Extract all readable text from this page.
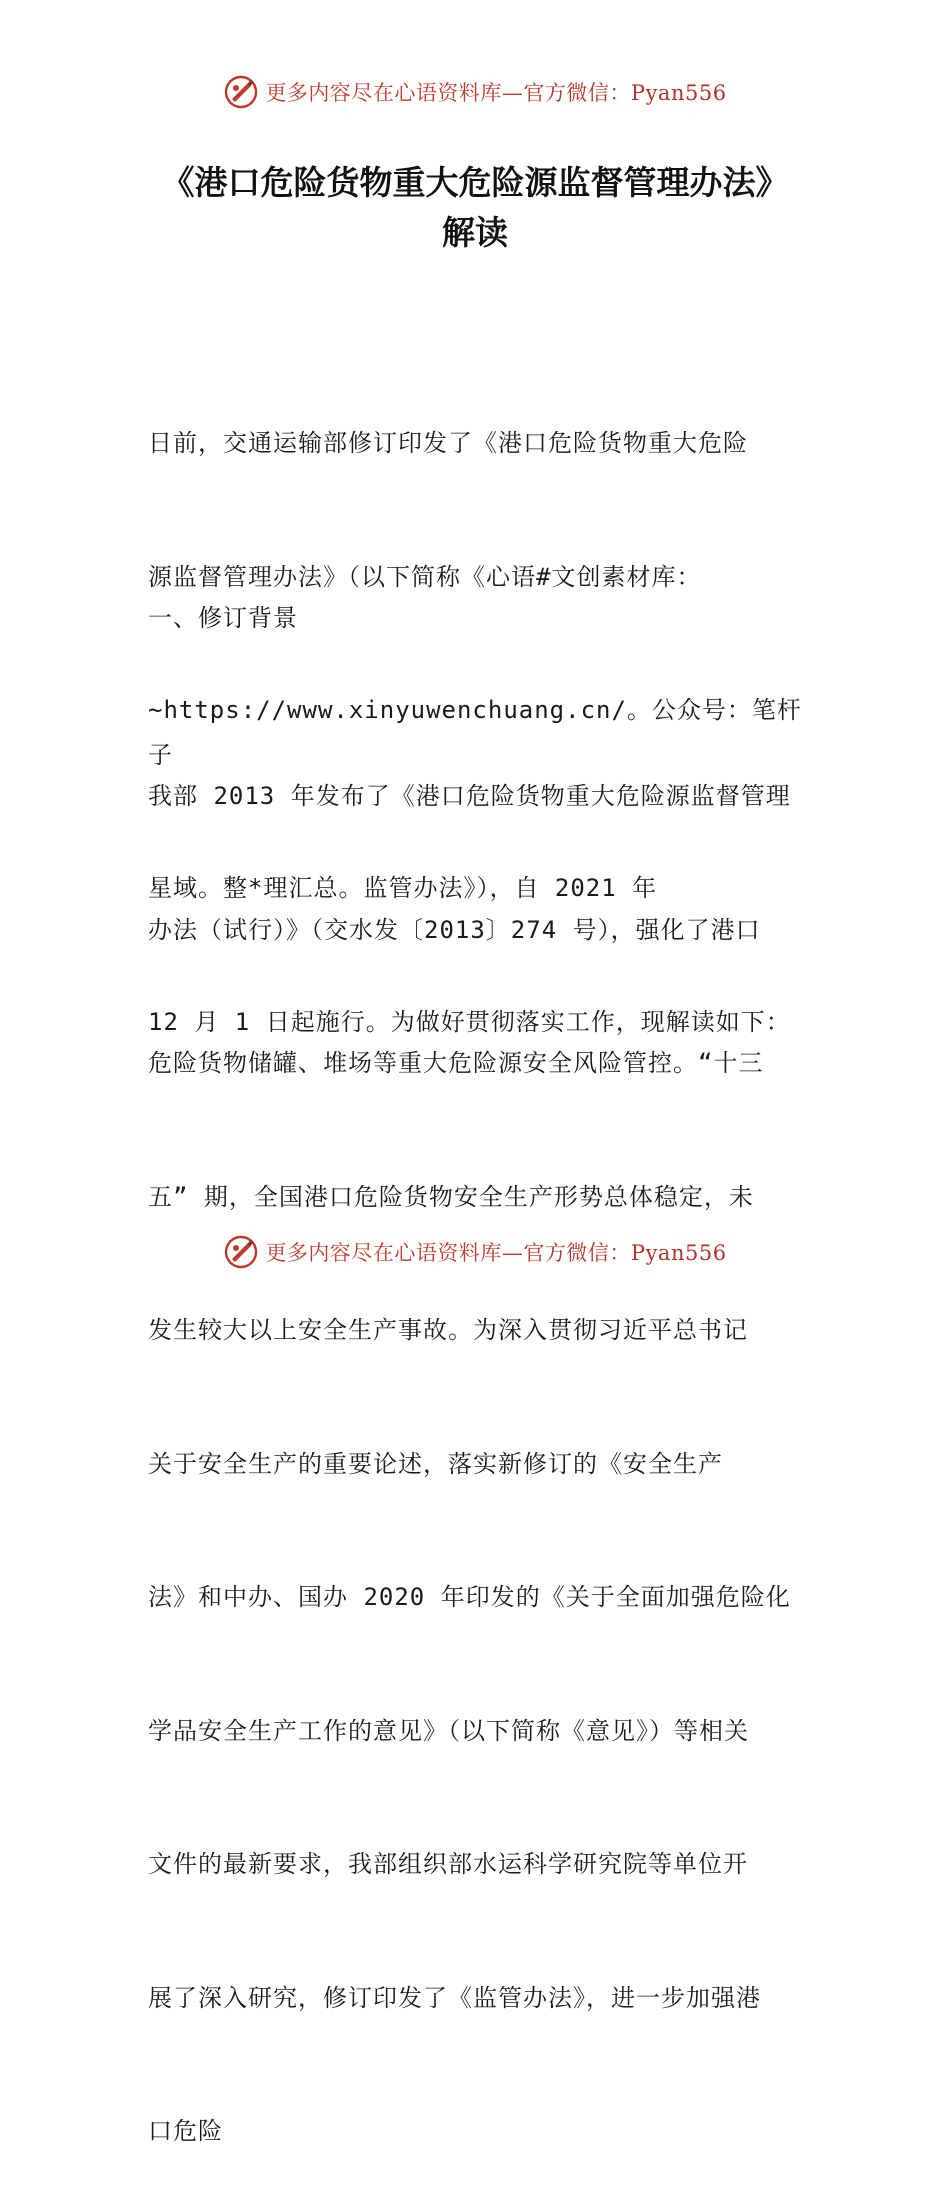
更多内容尽在心语资料库—官方微信：Pyan556
《港口危险货物重大危险源监督管理办法》
解读

日前，交通运输部修订印发了《港口危险货物重大危险

源监督管理办法》（以下简称《心语#文创素材库：

~https://www.xinyuwenchuang.cn/。公众号：笔杆子

星域。整*理汇总。监管办法》），自 2021 年

12 月 1 日起施行。为做好贯彻落实工作，现解读如下：

一、修订背景

我部 2013 年发布了《港口危险货物重大危险源监督管理

办法（试行）》（交水发〔2013〕274 号），强化了港口

危险货物储罐、堆场等重大危险源安全风险管控。“十三

五” 期，全国港口危险货物安全生产形势总体稳定，未

发生较大以上安全生产事故。为深入贯彻习近平总书记

关于安全生产的重要论述，落实新修订的《安全生产

法》和中办、国办 2020 年印发的《关于全面加强危险化

学品安全生产工作的意见》（以下简称《意见》）等相关

文件的最新要求，我部组织部水运科学研究院等单位开

展了深入研究，修订印发了《监管办法》，进一步加强港

口危险

更多内容尽在心语资料库—官方微信：Pyan556
